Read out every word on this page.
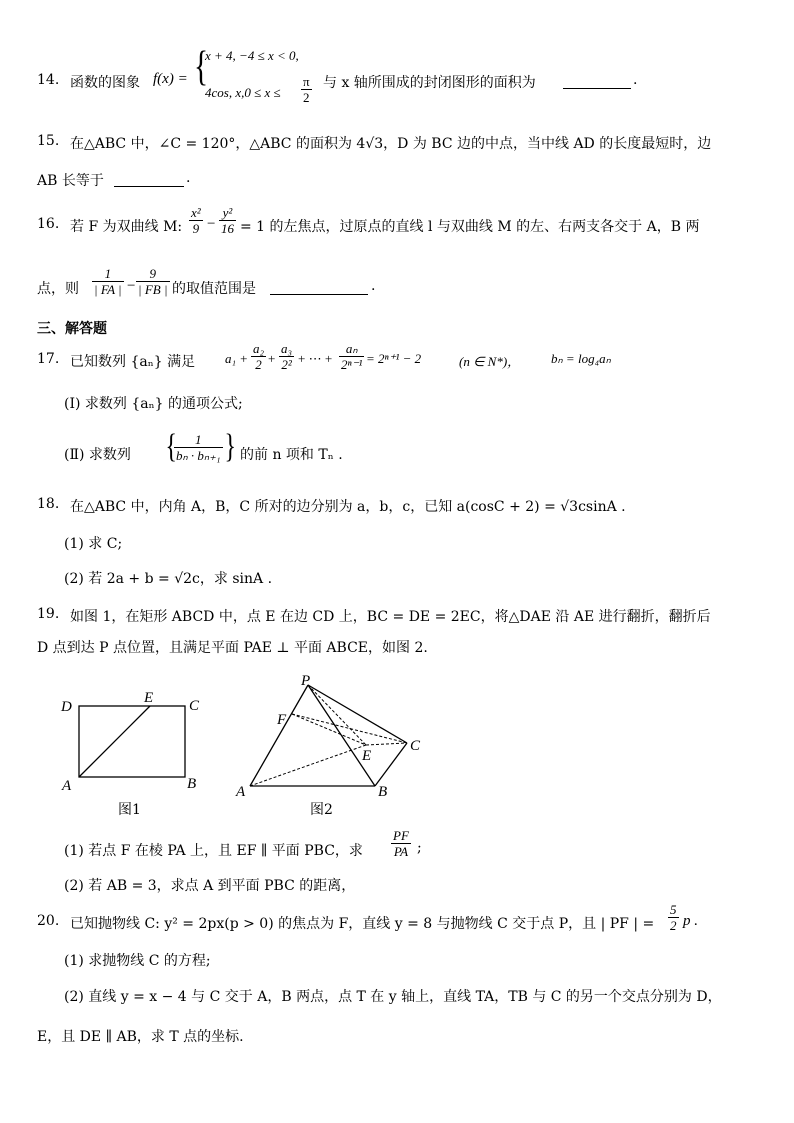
14. 函数的图象 f(x) = {
x + 4, −4 ≤ x < 0,
4cos, x,0 ≤ x ≤
π
2
与 x 轴所围成的封闭图形的面积为	.
15. 在△ABC 中，∠C = 120°，△ABC 的面积为 4√3，D 为 BC 边的中点，当中线 AD 的长度最短时，边
AB 长等于	.
16. 若 F 为双曲线 M: $\frac{\text{x²}}{9} - \frac{\text{y²}}{16} = 1$ 的左焦点，过原点的直线 l 与双曲线 M 的左、右两支各交于 A，B 两
点，则 $\frac{1}{| FA |} - \frac{9}{| FB |}$ 的取值范围是	.
三、解答题
17. 已知数列 {aₙ} 满足 $a_1 + \frac{\text{a₂}}{2} + \frac{\text{a₃}}{\text{2²}}$ + ⋯ + $\frac{\text{aₙ}}{\text{2ⁿ⁻¹}} = 2^{n+1} - 2$	(n ∈ N*)， bₙ = log₄aₙ
(Ⅰ) 求数列 {aₙ} 的通项公式;
(Ⅱ) 求数列 {
$\frac{1}{\text{bₙ · bₙ₊₁}}$ } 的前 n 项和 Tₙ .
18. 在△ABC 中，内角 A，B，C 所对的边分别为 a，b，c，已知 a(cosC + 2) = √3csinA .
(1) 求 C;
(2) 若 2a + b = √2c，求 sinA .
19. 如图 1，在矩形 ABCD 中，点 E 在边 CD 上，BC = DE = 2EC，将△DAE 沿 AE 进行翻折，翻折后
D 点到达 P 点位置，且满足平面 PAE ⊥ 平面 ABCE，如图 2.
D
E C
A	B
图1
P
F
E
C
A	B
图2
(1) 若点 F 在棱 PA 上，且 EF ∥ 平面 PBC，求 $\frac{PF}{PA}$ ;
(2) 若 AB = 3，求点 A 到平面 PBC 的距离，
20. 已知抛物线 C: y² = 2px(p > 0) 的焦点为 F，直线 y = 8 与抛物线 C 交于点 P，且 | PF | = $\frac{5}{2}$ p .
(1) 求抛物线 C 的方程;
(2) 直线 y = x − 4 与 C 交于 A，B 两点，点 T 在 y 轴上，直线 TA，TB 与 C 的另一个交点分别为 D，
E，且 DE ∥ AB，求 T 点的坐标.
